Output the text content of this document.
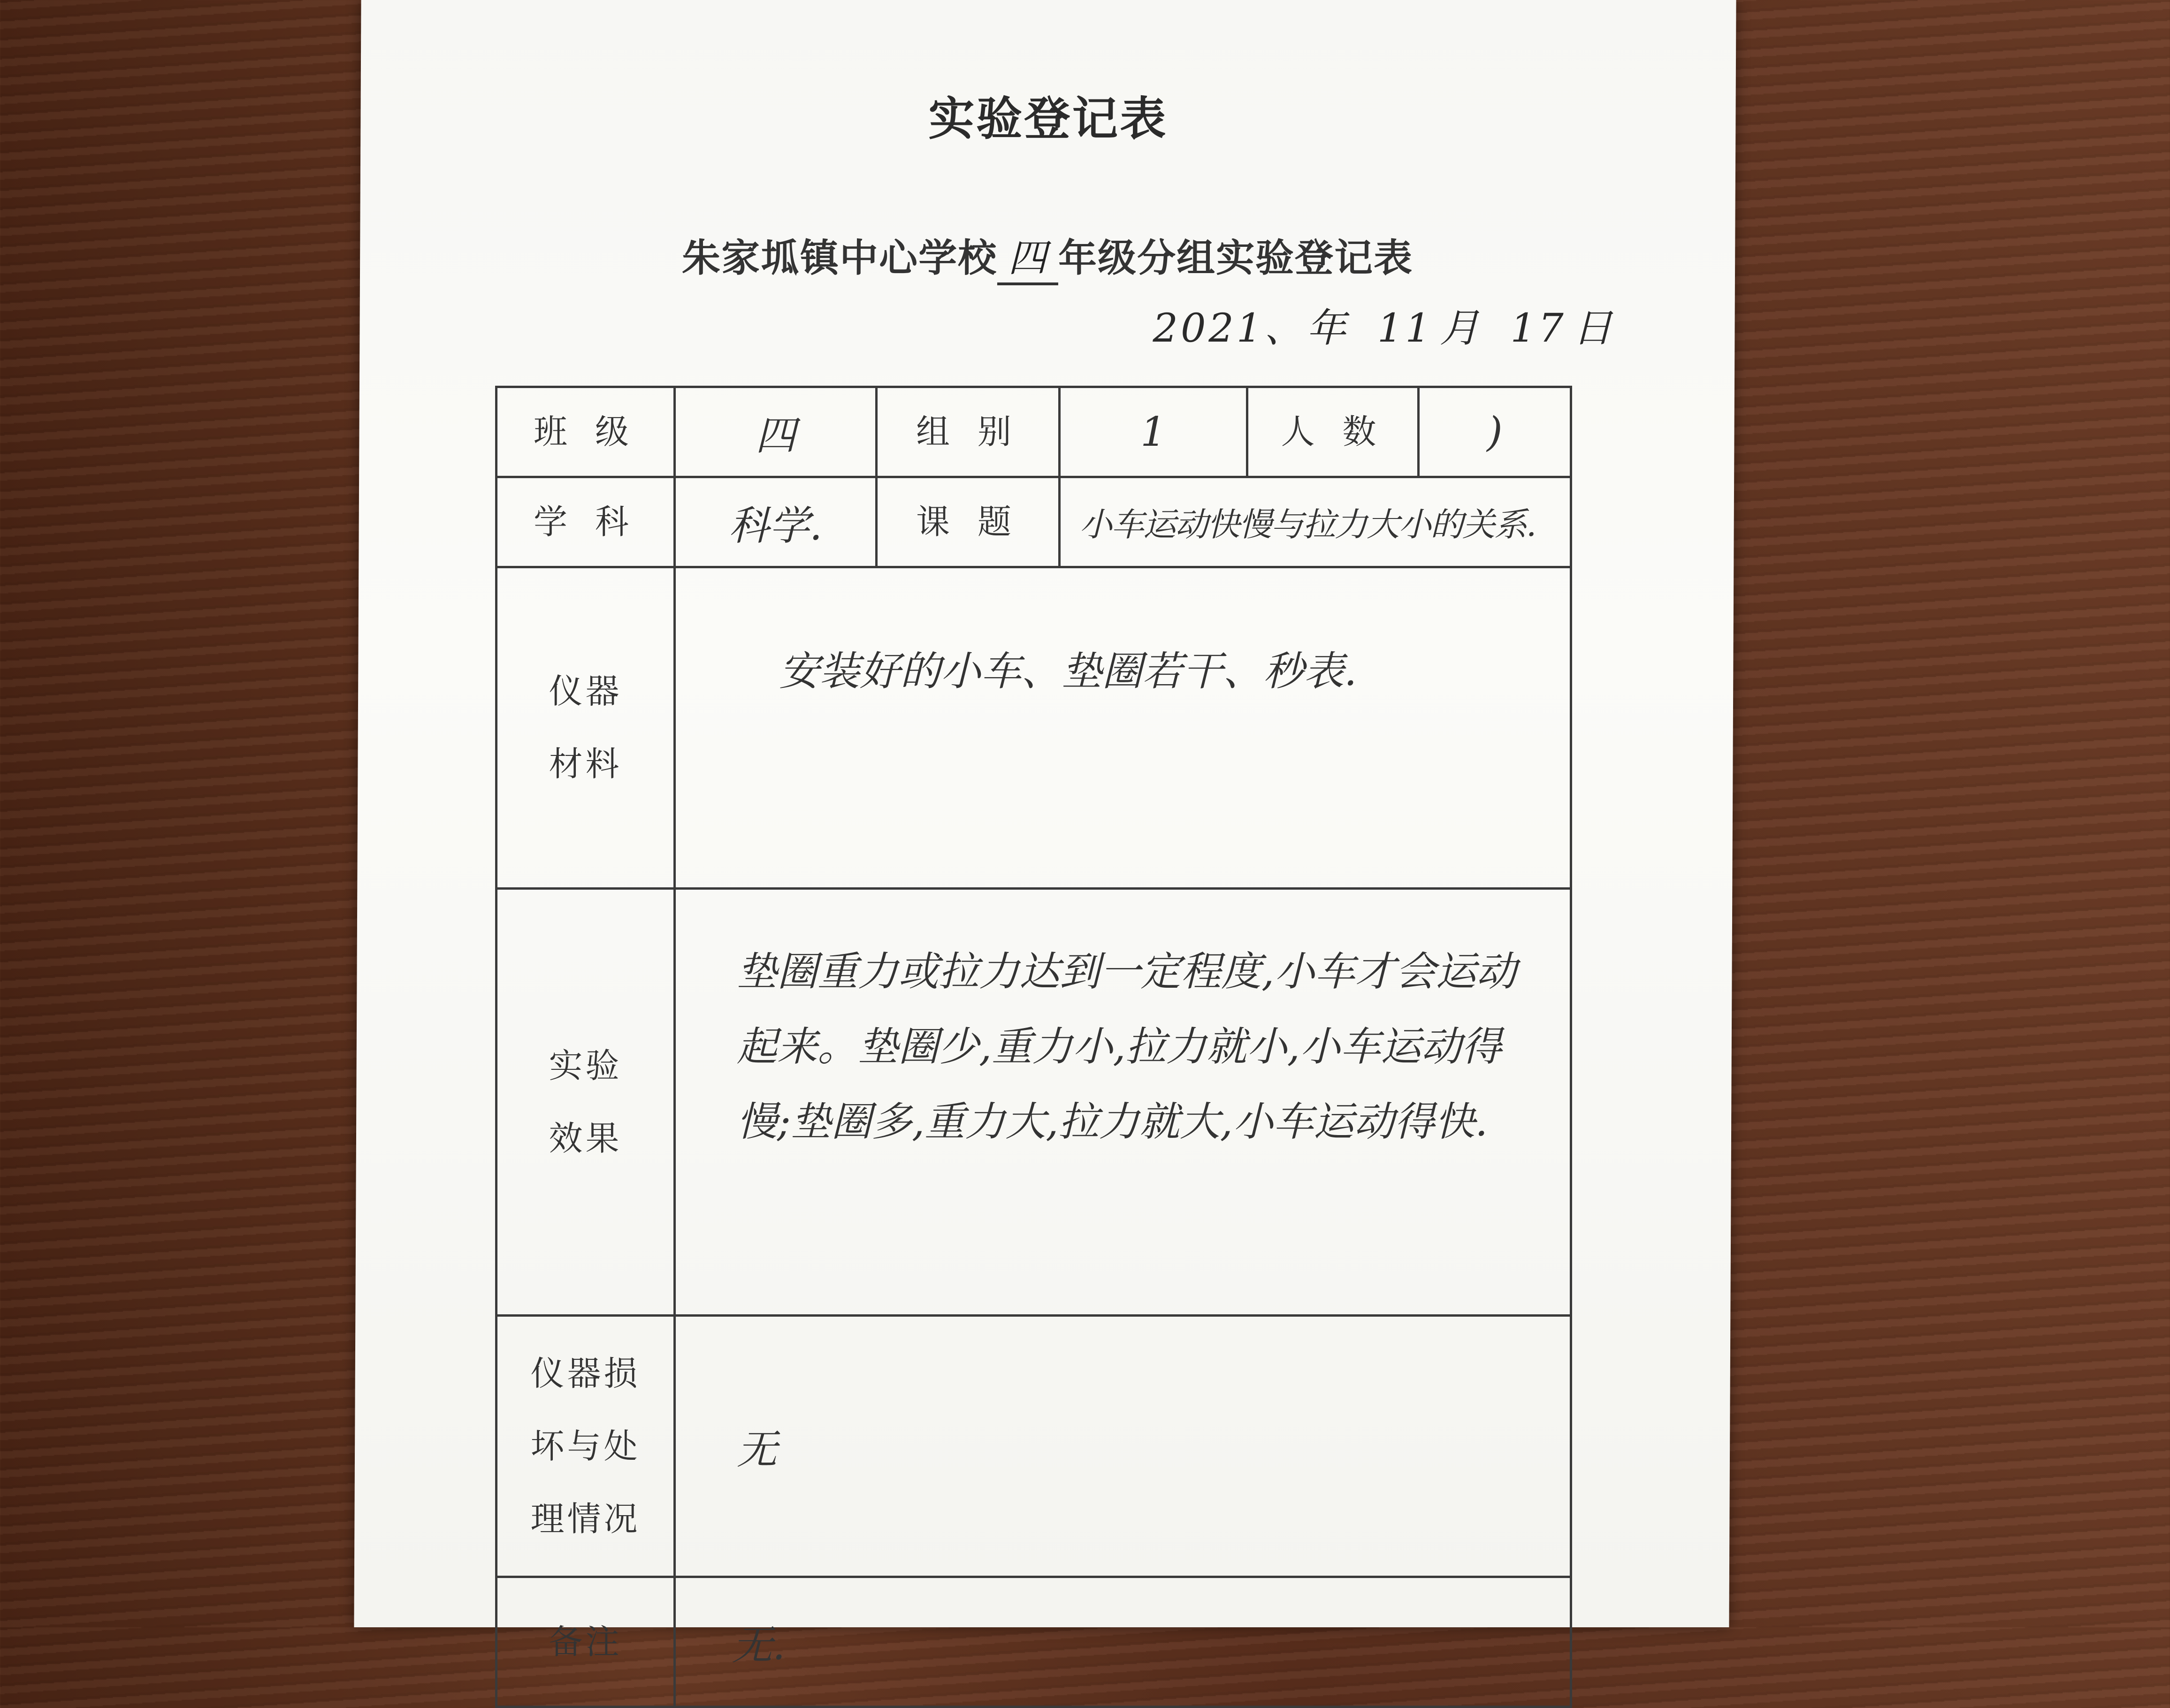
实验登记表
朱家坬镇中心学校 四 年级分组实验登记表
2021、年 11 月 17 日
班 级	四	组 别	1	人 数	)
学 科	科学.	课 题	小车运动快慢与拉力大小的关系.		

仪器
材料	安装好的小车、垫圈若干、秒表.				

实验
效果	垫圈重力或拉力达到一定程度,小车才会运动起来。垫圈少,重力小,拉力就小,小车运动得慢;垫圈多,重力大,拉力就大,小车运动得快.				

仪器损
坏与处
理情况	无				
备注	无.				
